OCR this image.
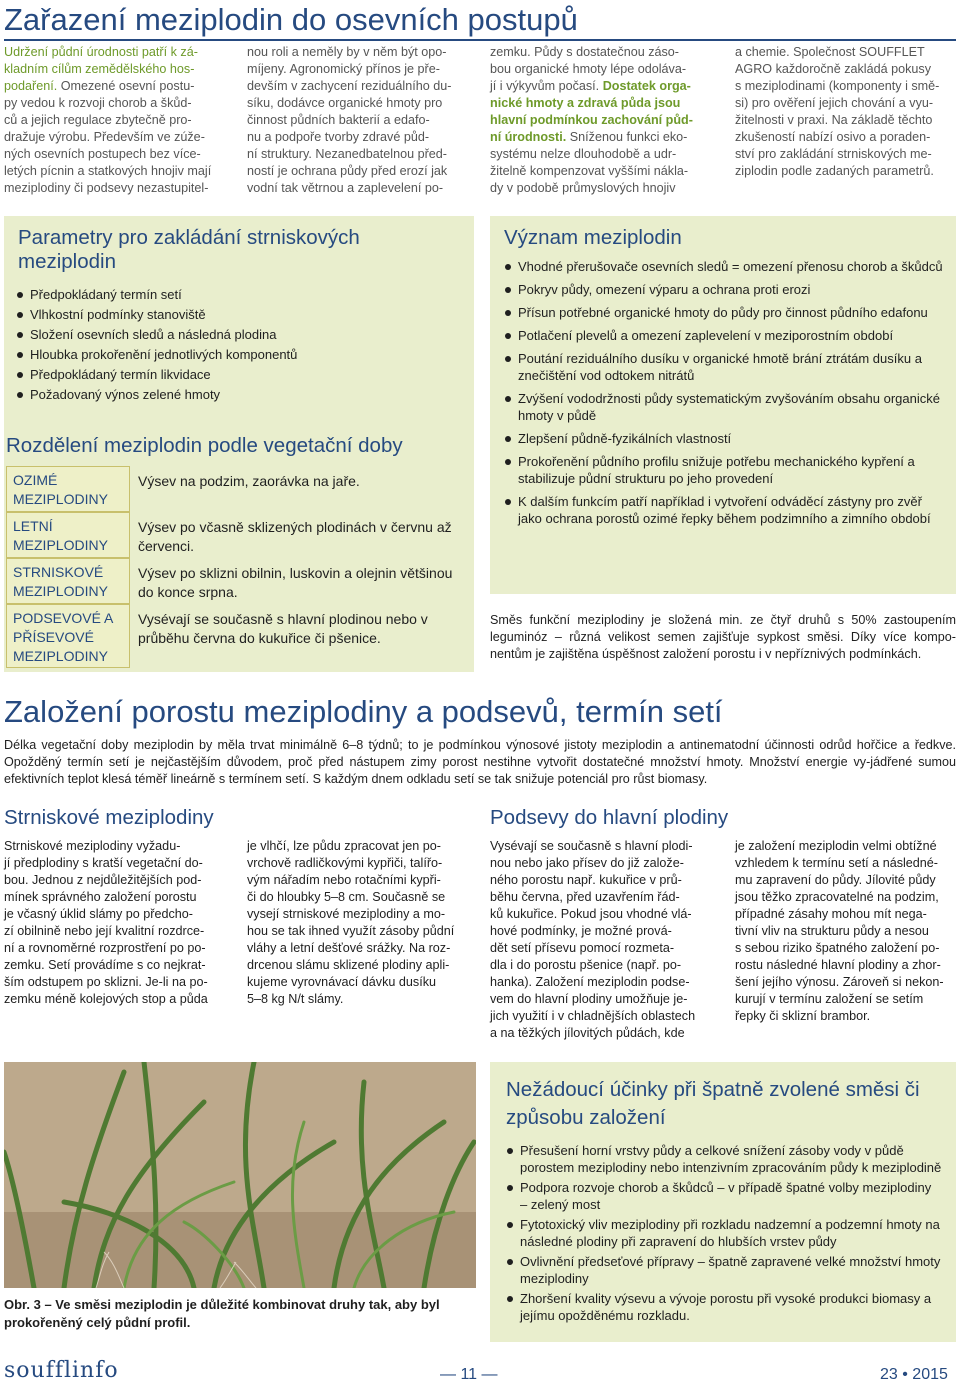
Zařazení meziplodin do osevních postupů
Udržení půdní úrodnosti patří k zá-
kladním cílům zemědělského hos-
podaření. Omezené osevní postu-
py vedou k rozvoji chorob a škůd-
ců a jejich regulace zbytečně pro-
dražuje výrobu. Především ve zúže-
ných osevních postupech bez více-
letých pícnin a statkových hnojiv mají
meziplodiny či podsevy nezastupitel-
nou roli a neměly by v něm být opo-
míjeny. Agronomický přínos je pře-
devším v zachycení reziduálního du-
síku, dodávce organické hmoty pro
činnost půdních bakterií a edafo-
nu a podpoře tvorby zdravé půd-
ní struktury. Nezanedbatelnou před-
ností je ochrana půdy před erozí jak
vodní tak větrnou a zaplevelení po-
zemku. Půdy s dostatečnou záso-
bou organické hmoty lépe odoláva-
jí i výkyvům počasí. Dostatek orga-
nické hmoty a zdravá půda jsou
hlavní podmínkou zachování půd-
ní úrodnosti. Sníženou funkci eko-
systému nelze dlouhodobě a udr-
žitelně kompenzovat vyššími nákla-
dy v podobě průmyslových hnojiv
a chemie. Společnost SOUFFLET
AGRO každoročně zakládá pokusy
s meziplodinami (komponenty i smě-
si) pro ověření jejich chování a vyu-
žitelnosti v praxi. Na základě těchto
zkušeností nabízí osivo a poraden-
ství pro zakládání strniskových me-
ziplodin podle zadaných parametrů.
Parametry pro zakládání strniskových meziplodin
Předpokládaný termín setí
Vlhkostní podmínky stanoviště
Složení osevních sledů a následná plodina
Hloubka prokořenění jednotlivých komponentů
Předpokládaný termín likvidace
Požadovaný výnos zelené hmoty
Rozdělení meziplodin podle vegetační doby
OZIMÉ MEZIPLODINY
Výsev na podzim, zaorávka na jaře.
LETNÍ MEZIPLODINY
Výsev po včasně sklizených plodinách v červnu až červenci.
STRNISKOVÉ MEZIPLODINY
Výsev po sklizni obilnin, luskovin a olejnin většinou do konce srpna.
PODSEVOVÉ A PŘÍSEVOVÉ MEZIPLODINY
Vysévají se současně s hlavní plodinou nebo v průběhu června do kukuřice či pšenice.
Význam meziplodin
Vhodné přerušovače osevních sledů = omezení přenosu chorob a škůdců
Pokryv půdy, omezení výparu a ochrana proti erozi
Přísun potřebné organické hmoty do půdy pro činnost půdního edafonu
Potlačení plevelů a omezení zaplevelení v meziporostním období
Poutání reziduálního dusíku v organické hmotě brání ztrátám dusíku a znečištění vod odtokem nitrátů
Zvýšení vododržnosti půdy systematickým zvyšováním obsahu organické hmoty v půdě
Zlepšení půdně-fyzikálních vlastností
Prokořenění půdního profilu snižuje potřebu mechanického kypření a stabilizuje půdní strukturu po jeho provedení
K dalším funkcím patří například i vytvoření odváděcí zástyny pro zvěř jako ochrana porostů ozimé řepky během podzimního a zimního období
Směs funkční meziplodiny je složená min. ze čtyř druhů s 50% zastoupením leguminóz – různá velikost semen zajišťuje sypkost směsi. Díky více kompo-nentům je zajištěna úspěšnost založení porostu i v nepříznivých podmínkách.
Založení porostu meziplodiny a podsevů, termín setí
Délka vegetační doby meziplodin by měla trvat minimálně 6–8 týdnů; to je podmínkou výnosové jistoty meziplodin a antinematodní účinnosti odrůd hořčice a ředkve. Opožděný termín setí je nejčastějším důvodem, proč před nástupem zimy porost nestihne vytvořit dostatečné množství hmoty. Množství energie vy-jádřené sumou efektivních teplot klesá téměř lineárně s termínem setí. S každým dnem odkladu setí se tak snižuje potenciál pro růst biomasy.
Strniskové meziplodiny
Strniskové meziplodiny vyžadu-
jí předplodiny s kratší vegetační do-
bou. Jednou z nejdůležitějších pod-
mínek správného založení porostu
je včasný úklid slámy po předcho-
zí obilnině nebo její kvalitní rozdrce-
ní a rovnoměrné rozprostření po po-
zemku. Setí provádíme s co nejkrat-
ším odstupem po sklizni. Je-li na po-
zemku méně kolejových stop a půda
je vlhčí, lze půdu zpracovat jen po-
vrchově radličkovými kypřiči, talířo-
vým nářadím nebo rotačními kypři-
či do hloubky 5–8 cm. Současně se
vysejí strniskové meziplodiny a mo-
hou se tak ihned využít zásoby půdní
vláhy a letní dešťové srážky. Na roz-
drcenou slámu sklizené plodiny apli-
kujeme vyrovnávací dávku dusíku
5–8 kg N/t slámy.
Podsevy do hlavní plodiny
Vysévají se současně s hlavní plodi-
nou nebo jako přísev do již založe-
ného porostu např. kukuřice v prů-
běhu června, před uzavřením řád-
ků kukuřice. Pokud jsou vhodné vlá-
hové podmínky, je možné prová-
dět setí přísevu pomocí rozmeta-
dla i do porostu pšenice (např. po-
hanka). Založení meziplodin podse-
vem do hlavní plodiny umožňuje je-
jich využití i v chladnějších oblastech
a na těžkých jílovitých půdách, kde
je založení meziplodin velmi obtížné
vzhledem k termínu setí a následné-
mu zapravení do půdy. Jílovité půdy
jsou těžko zpracovatelné na podzim,
případné zásahy mohou mít nega-
tivní vliv na strukturu půdy a nesou
s sebou riziko špatného založení po-
rostu následné hlavní plodiny a zhor-
šení jejího výnosu. Zároveň si nekon-
kurují v termínu založení se setím
řepky či sklizní brambor.
Obr. 3 – Ve směsi meziplodin je důležité kombinovat druhy tak, aby byl prokořeněný celý půdní profil.
Nežádoucí účinky při špatně zvolené směsi či způsobu založení
Přesušení horní vrstvy půdy a celkové snížení zásoby vody v půdě porostem meziplodiny nebo intenzivním zpracováním půdy k meziplodině
Podpora rozvoje chorob a škůdců – v případě špatné volby meziplodiny – zelený most
Fytotoxický vliv meziplodiny při rozkladu nadzemní a podzemní hmoty na následné plodiny při zapravení do hlubších vrstev půdy
Ovlivnění předseťové přípravy – špatně zapravené velké množství hmoty meziplodiny
Zhoršení kvality výsevu a vývoje porostu při vysoké produkci biomasy a jejímu opožděnému rozkladu.
soufflinfo	— 11 —	23 • 2015
